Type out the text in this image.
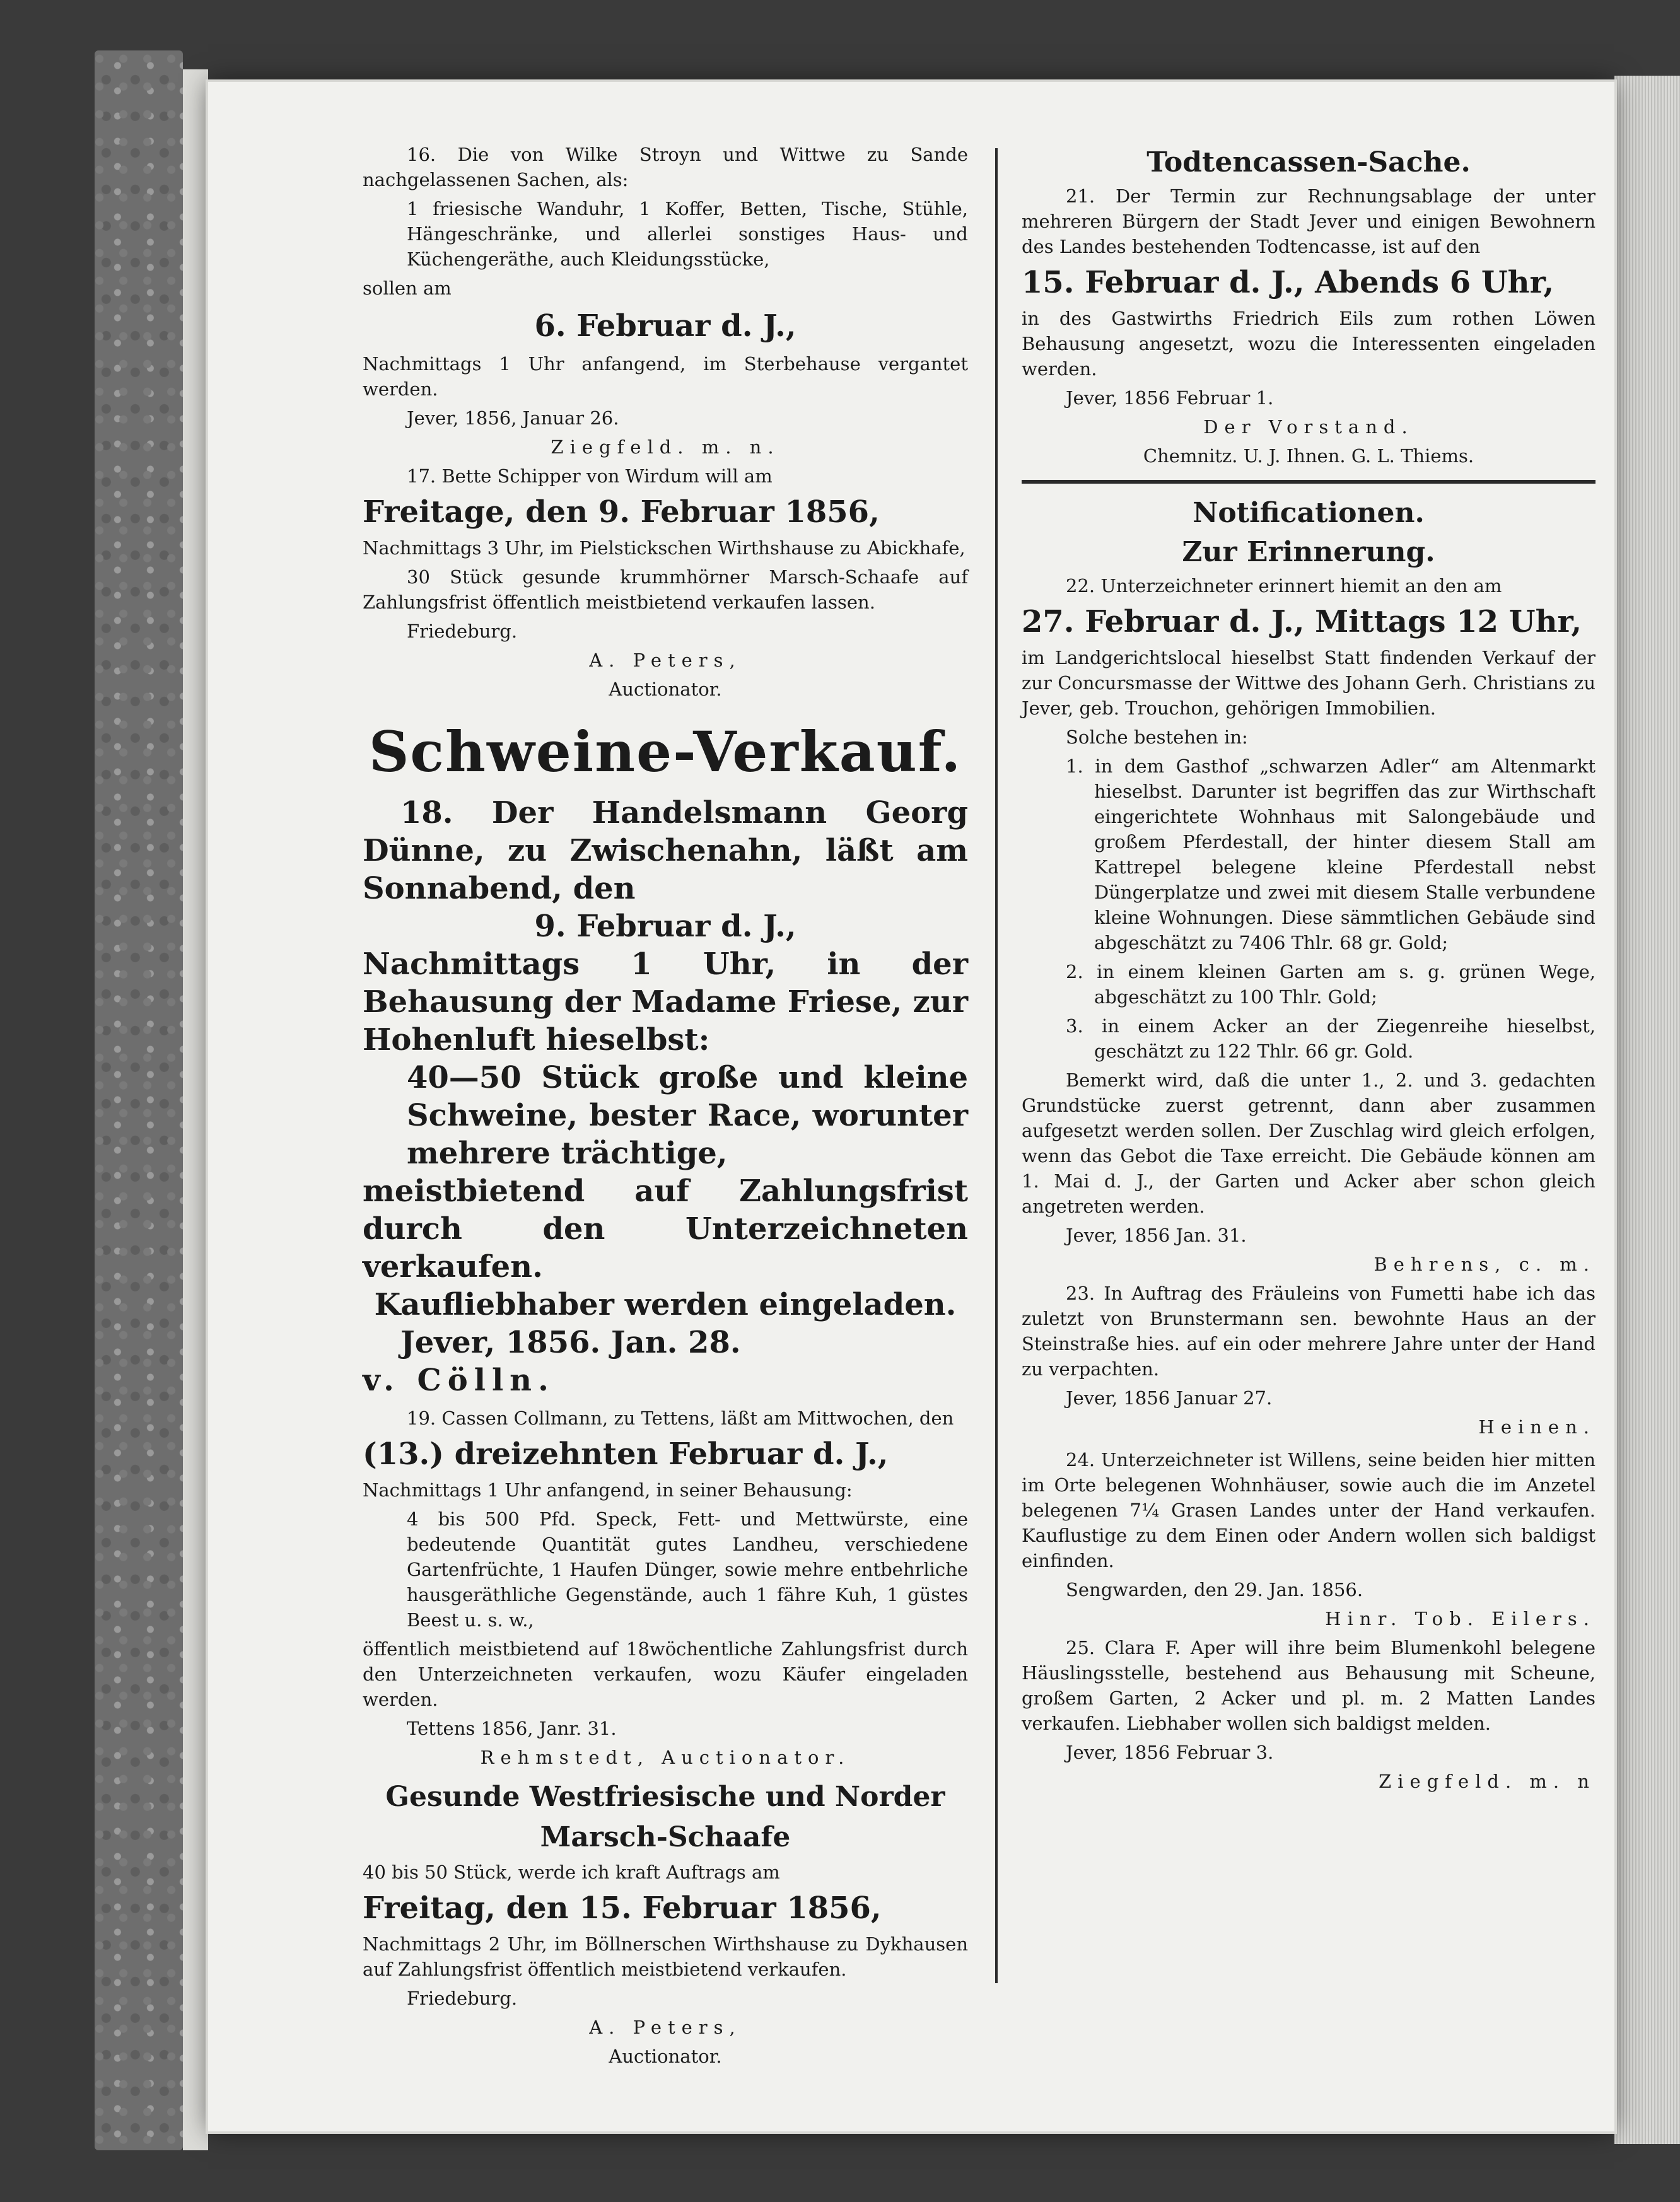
16. Die von Wilke Stroyn und Wittwe zu Sande nachgelassenen Sachen, als:

1 friesische Wanduhr, 1 Koffer, Betten, Tische, Stühle, Hängeschränke, und allerlei sonstiges Haus- und Küchengeräthe, auch Kleidungsstücke,

sollen am

6. Februar d. J.,

Nachmittags 1 Uhr anfangend, im Sterbehause vergantet werden.

Jever, 1856, Januar 26.

Ziegfeld. m. n.

17. Bette Schipper von Wirdum will am

Freitage, den 9. Februar 1856,

Nachmittags 3 Uhr, im Pielstickschen Wirthshause zu Abickhafe,

30 Stück gesunde krummhörner Marsch-Schaafe auf Zahlungsfrist öffentlich meistbietend verkaufen lassen.

Friedeburg.

A. Peters,

Auctionator.

Schweine-Verkauf.

18. Der Handelsmann Georg Dünne, zu Zwischenahn, läßt am Sonnabend, den

9. Februar d. J.,

Nachmittags 1 Uhr, in der Behausung der Madame Friese, zur Hohenluft hieselbst:

40—50 Stück große und kleine Schweine, bester Race, worunter mehrere trächtige,

meistbietend auf Zahlungsfrist durch den Unterzeichneten verkaufen.

Kaufliebhaber werden eingeladen.

Jever, 1856. Jan. 28.

v. Cölln.

19. Cassen Collmann, zu Tettens, läßt am Mittwochen, den

(13.) dreizehnten Februar d. J.,

Nachmittags 1 Uhr anfangend, in seiner Behausung:

4 bis 500 Pfd. Speck, Fett- und Mettwürste, eine bedeutende Quantität gutes Landheu, verschiedene Gartenfrüchte, 1 Haufen Dünger, sowie mehre entbehrliche hausgeräthliche Gegenstände, auch 1 fähre Kuh, 1 güstes Beest u. s. w.,

öffentlich meistbietend auf 18wöchentliche Zahlungsfrist durch den Unterzeichneten verkaufen, wozu Käufer eingeladen werden.

Tettens 1856, Janr. 31.

Rehmstedt, Auctionator.

Gesunde Westfriesische und Norder
Marsch-Schaafe

40 bis 50 Stück, werde ich kraft Auftrags am

Freitag, den 15. Februar 1856,

Nachmittags 2 Uhr, im Böllnerschen Wirthshause zu Dykhausen auf Zahlungsfrist öffentlich meistbietend verkaufen.

Friedeburg.

A. Peters,

Auctionator.

Todtencassen-Sache.

21. Der Termin zur Rechnungsablage der unter mehreren Bürgern der Stadt Jever und einigen Bewohnern des Landes bestehenden Todtencasse, ist auf den

15. Februar d. J., Abends 6 Uhr,

in des Gastwirths Friedrich Eils zum rothen Löwen Behausung angesetzt, wozu die Interessenten eingeladen werden.

Jever, 1856 Februar 1.

Der Vorstand.

Chemnitz. U. J. Ihnen. G. L. Thiems.

Notificationen.
Zur Erinnerung.

22. Unterzeichneter erinnert hiemit an den am

27. Februar d. J., Mittags 12 Uhr,

im Landgerichtslocal hieselbst Statt findenden Verkauf der zur Concursmasse der Wittwe des Johann Gerh. Christians zu Jever, geb. Trouchon, gehörigen Immobilien.

Solche bestehen in:

1. in dem Gasthof „schwarzen Adler“ am Altenmarkt hieselbst. Darunter ist begriffen das zur Wirthschaft eingerichtete Wohnhaus mit Salongebäude und großem Pferdestall, der hinter diesem Stall am Kattrepel belegene kleine Pferdestall nebst Düngerplatze und zwei mit diesem Stalle verbundene kleine Wohnungen. Diese sämmtlichen Gebäude sind abgeschätzt zu 7406 Thlr. 68 gr. Gold;

2. in einem kleinen Garten am s. g. grünen Wege, abgeschätzt zu 100 Thlr. Gold;

3. in einem Acker an der Ziegenreihe hieselbst, geschätzt zu 122 Thlr. 66 gr. Gold.

Bemerkt wird, daß die unter 1., 2. und 3. gedachten Grundstücke zuerst getrennt, dann aber zusammen aufgesetzt werden sollen. Der Zuschlag wird gleich erfolgen, wenn das Gebot die Taxe erreicht. Die Gebäude können am 1. Mai d. J., der Garten und Acker aber schon gleich angetreten werden.

Jever, 1856 Jan. 31.

Behrens, c. m.

23. In Auftrag des Fräuleins von Fumetti habe ich das zuletzt von Brunstermann sen. bewohnte Haus an der Steinstraße hies. auf ein oder mehrere Jahre unter der Hand zu verpachten.

Jever, 1856 Januar 27.

Heinen.

24. Unterzeichneter ist Willens, seine beiden hier mitten im Orte belegenen Wohnhäuser, sowie auch die im Anzetel belegenen 7¼ Grasen Landes unter der Hand verkaufen. Kauflustige zu dem Einen oder Andern wollen sich baldigst einfinden.

Sengwarden, den 29. Jan. 1856.

Hinr. Tob. Eilers.

25. Clara F. Aper will ihre beim Blumenkohl belegene Häuslingsstelle, bestehend aus Behausung mit Scheune, großem Garten, 2 Acker und pl. m. 2 Matten Landes verkaufen. Liebhaber wollen sich baldigst melden.

Jever, 1856 Februar 3.

Ziegfeld. m. n
